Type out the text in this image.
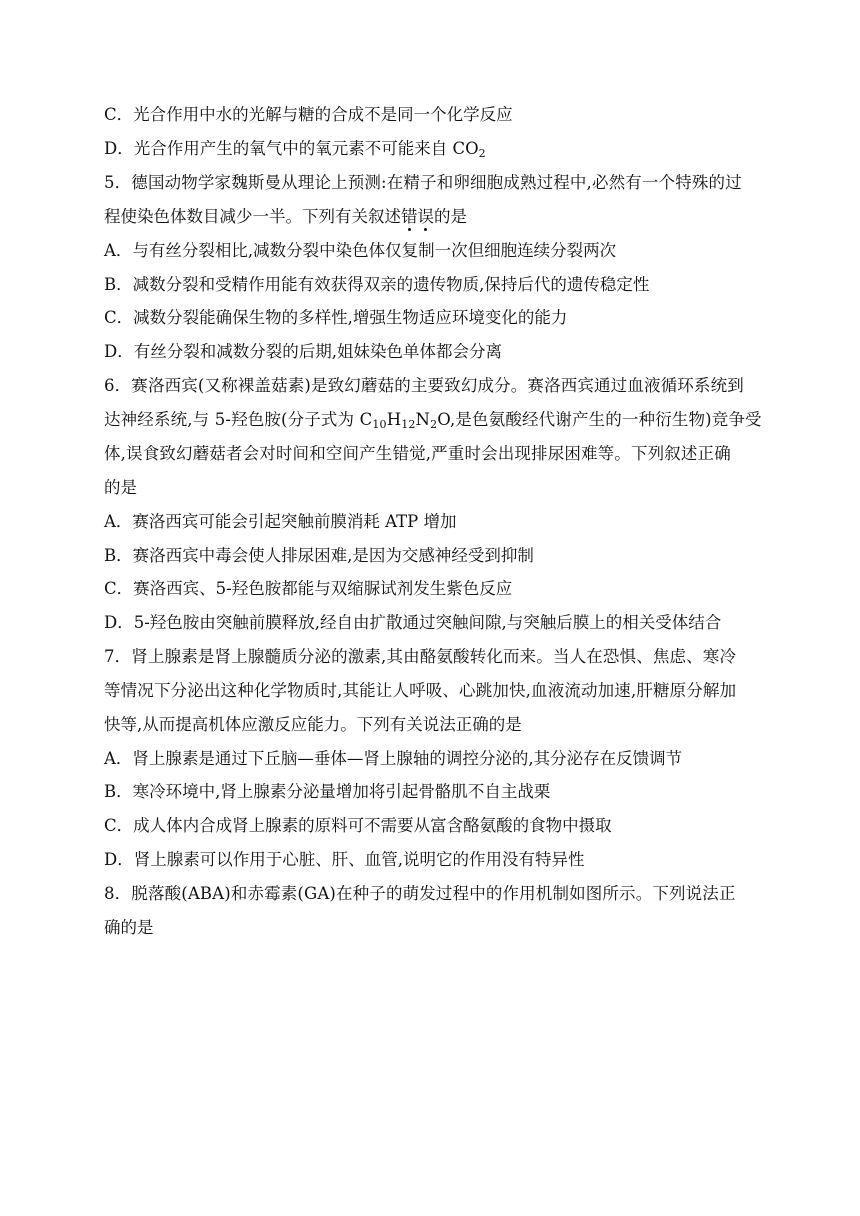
C．光合作用中水的光解与糖的合成不是同一个化学反应
D．光合作用产生的氧气中的氧元素不可能来自 $CO_2$
5．德国动物学家魏斯曼从理论上预测:在精子和卵细胞成熟过程中,必然有一个特殊的过
程使染色体数目减少一半。下列有关叙述错误的是
A．与有丝分裂相比,减数分裂中染色体仅复制一次但细胞连续分裂两次
B．减数分裂和受精作用能有效获得双亲的遗传物质,保持后代的遗传稳定性
C．减数分裂能确保生物的多样性,增强生物适应环境变化的能力
D．有丝分裂和减数分裂的后期,姐妹染色单体都会分离
6．赛洛西宾(又称裸盖菇素)是致幻蘑菇的主要致幻成分。赛洛西宾通过血液循环系统到
达神经系统,与 5-羟色胺(分子式为 $C_{10}H_{12}N_2O$,是色氨酸经代谢产生的一种衍生物)竞争受
体,误食致幻蘑菇者会对时间和空间产生错觉,严重时会出现排尿困难等。下列叙述正确
的是
A．赛洛西宾可能会引起突触前膜消耗 ATP 增加
B．赛洛西宾中毒会使人排尿困难,是因为交感神经受到抑制
C．赛洛西宾、5-羟色胺都能与双缩脲试剂发生紫色反应
D．5-羟色胺由突触前膜释放,经自由扩散通过突触间隙,与突触后膜上的相关受体结合
7．肾上腺素是肾上腺髓质分泌的激素,其由酪氨酸转化而来。当人在恐惧、焦虑、寒冷
等情况下分泌出这种化学物质时,其能让人呼吸、心跳加快,血液流动加速,肝糖原分解加
快等,从而提高机体应激反应能力。下列有关说法正确的是
A．肾上腺素是通过下丘脑—垂体—肾上腺轴的调控分泌的,其分泌存在反馈调节
B．寒冷环境中,肾上腺素分泌量增加将引起骨骼肌不自主战栗
C．成人体内合成肾上腺素的原料可不需要从富含酪氨酸的食物中摄取
D．肾上腺素可以作用于心脏、肝、血管,说明它的作用没有特异性
8．脱落酸(ABA)和赤霉素(GA)在种子的萌发过程中的作用机制如图所示。下列说法正
确的是
